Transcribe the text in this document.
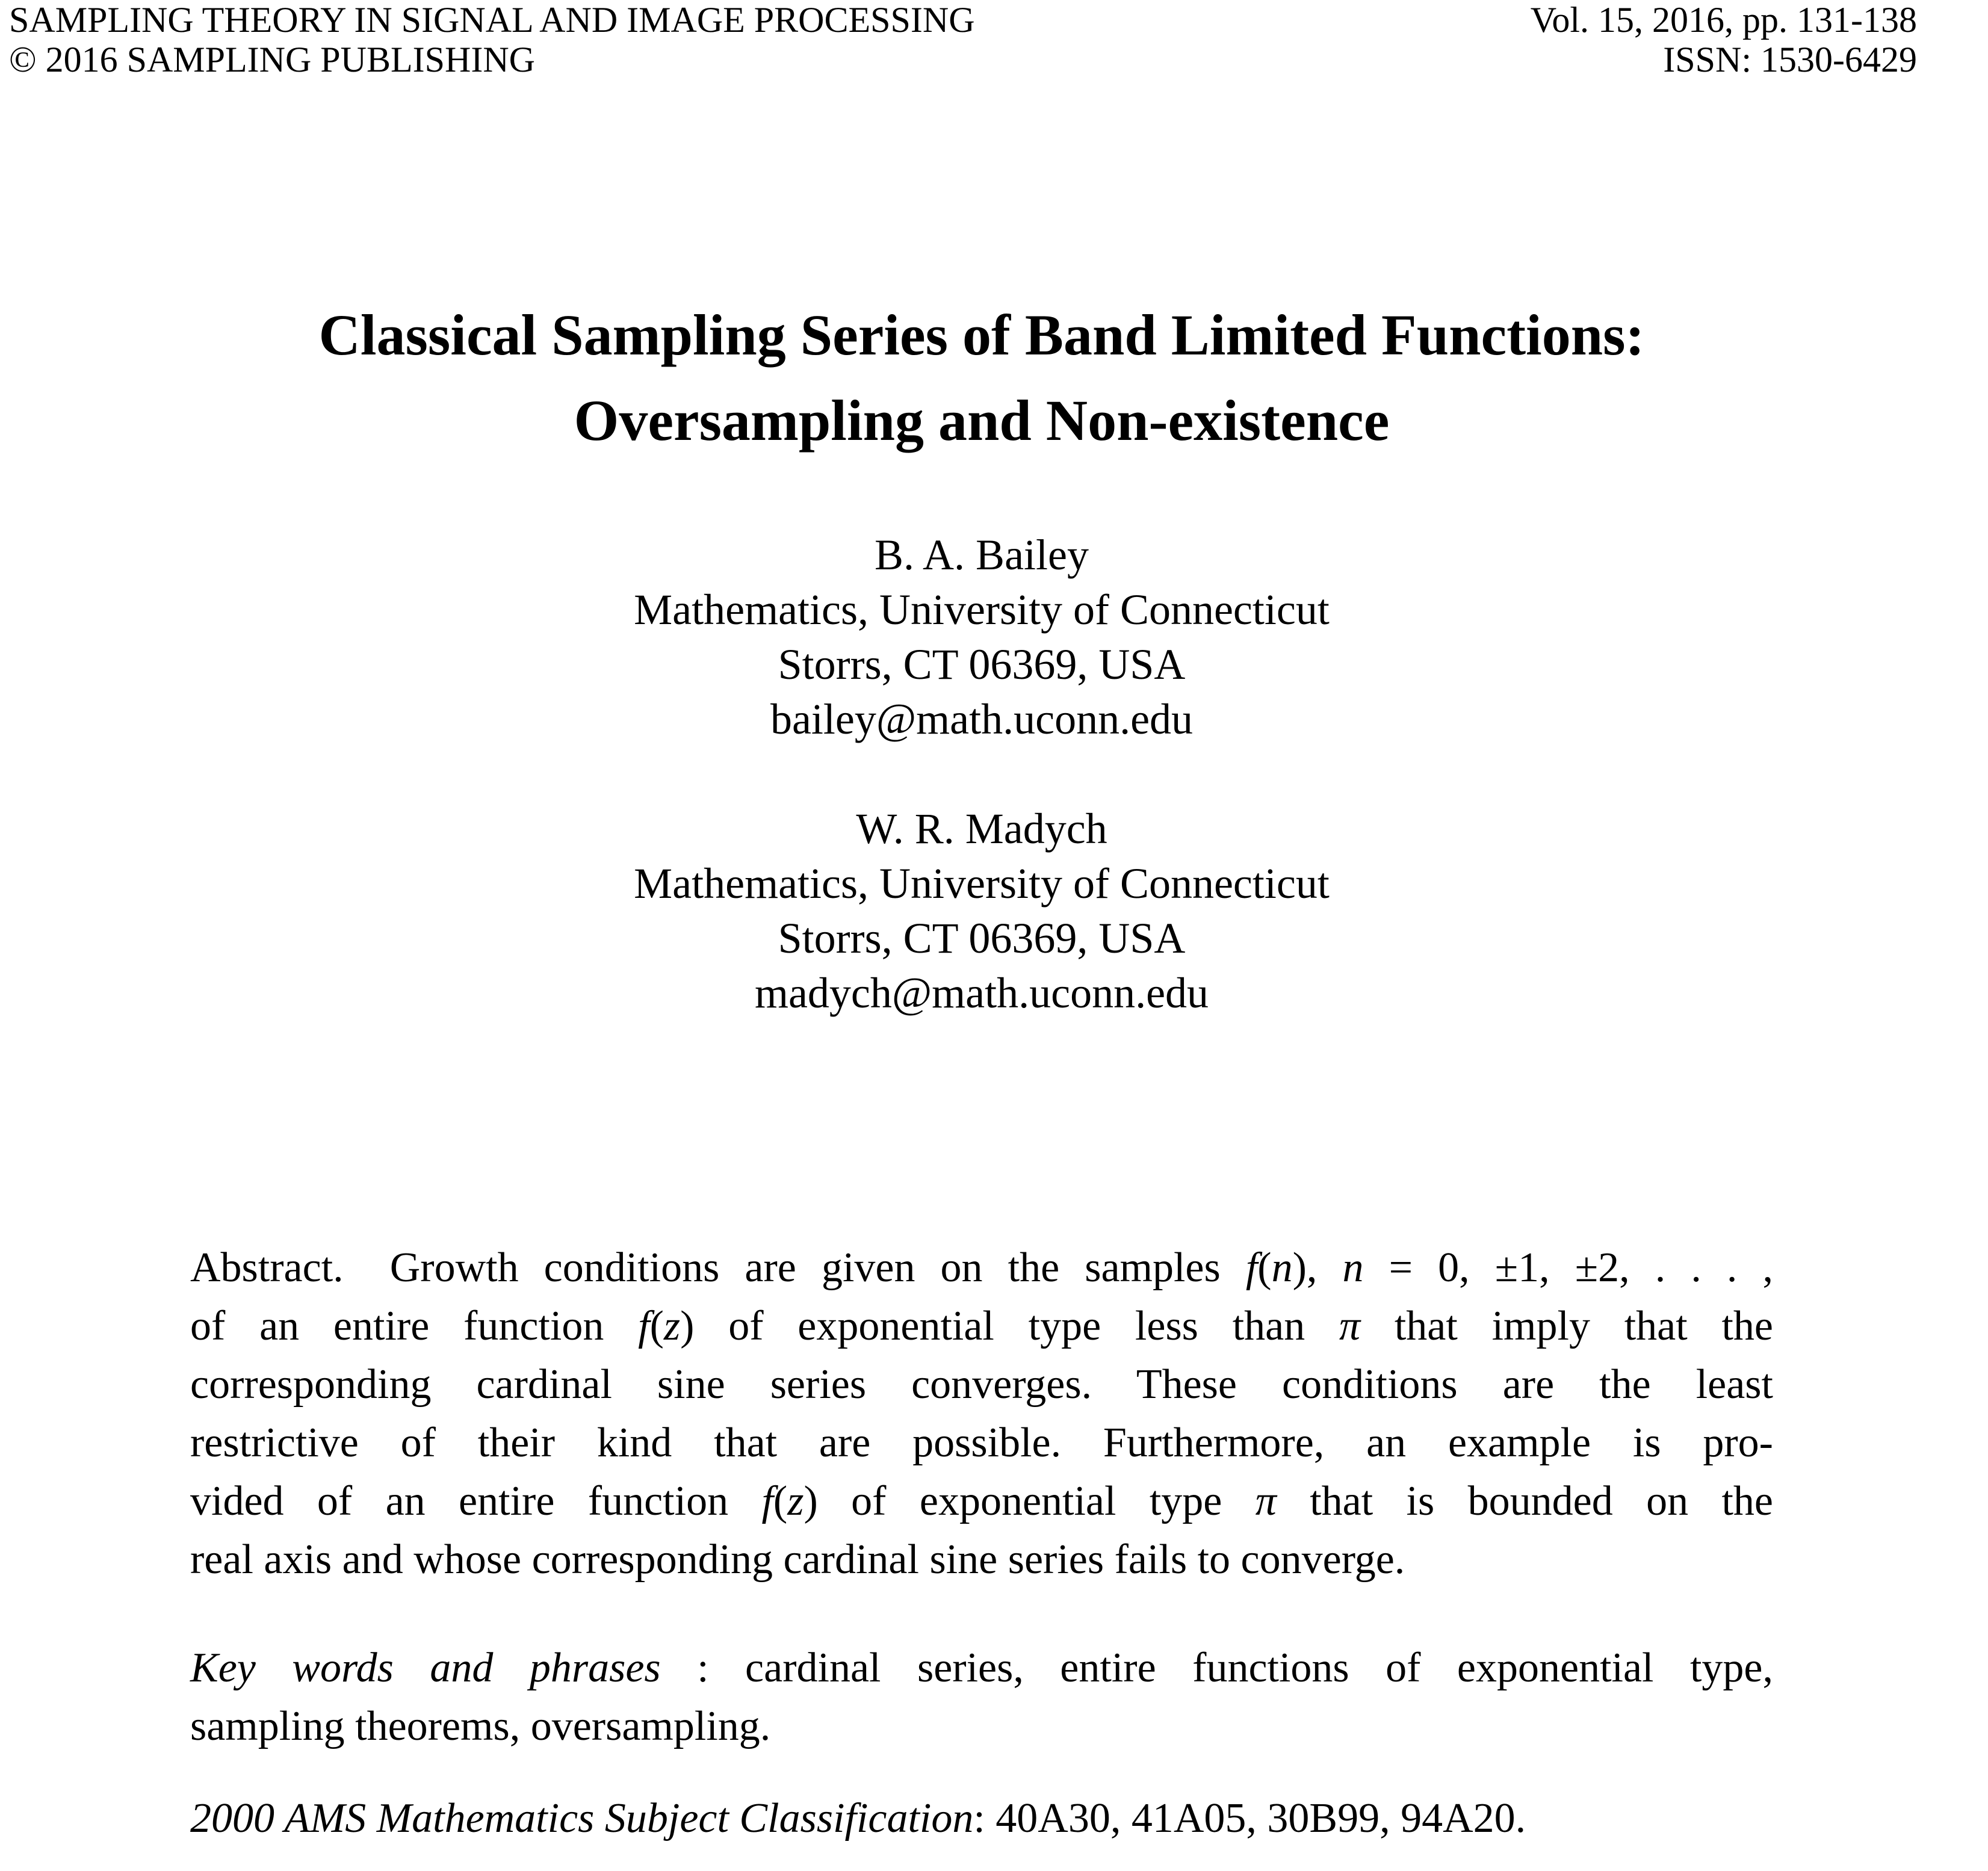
SAMPLING THEORY IN SIGNAL AND IMAGE PROCESSING	Vol. 15, 2016, pp. 131-138
© 2016 SAMPLING PUBLISHING	ISSN: 1530-6429
Classical Sampling Series of Band Limited Functions:
Oversampling and Non-existence
B. A. Bailey
Mathematics, University of Connecticut
Storrs, CT 06369, USA
bailey@math.uconn.edu
W. R. Madych
Mathematics, University of Connecticut
Storrs, CT 06369, USA
madych@math.uconn.edu
Abstract.  Growth conditions are given on the samples f(n), n = 0, ±1, ±2, . . . ,
of an entire function f(z) of exponential type less than π that imply that the
corresponding cardinal sine series converges. These conditions are the least
restrictive of their kind that are possible. Furthermore, an example is pro-
vided of an entire function f(z) of exponential type π that is bounded on the
real axis and whose corresponding cardinal sine series fails to converge.
Key words and phrases : cardinal series, entire functions of exponential type,
sampling theorems, oversampling.
2000 AMS Mathematics Subject Classification: 40A30, 41A05, 30B99, 94A20.
